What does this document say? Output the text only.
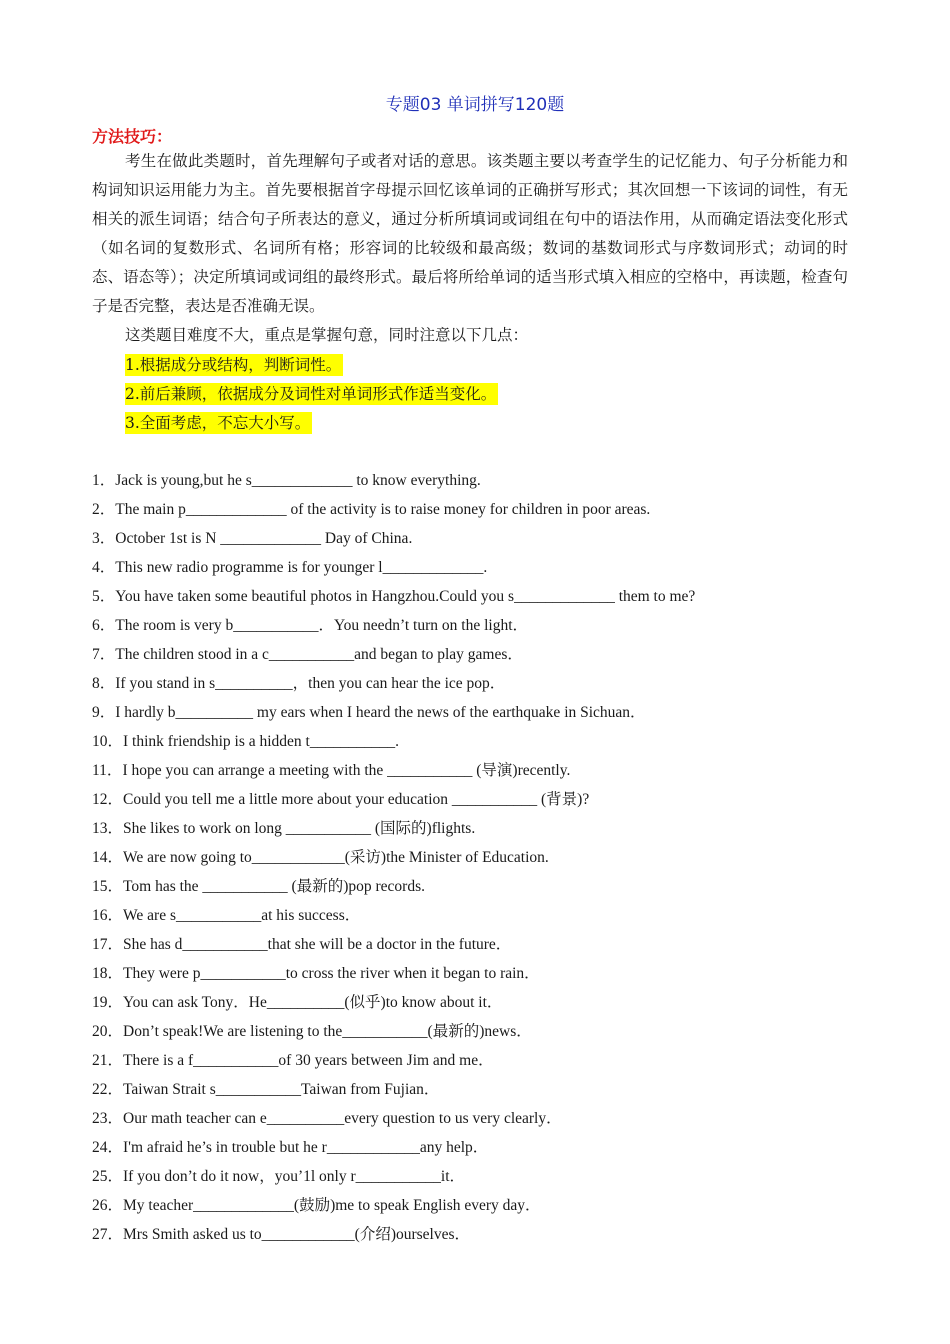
专题03 单词拼写120题
方法技巧：
考生在做此类题时，首先理解句子或者对话的意思。该类题主要以考查学生的记忆能力、句子分析能力和构词知识运用能力为主。首先要根据首字母提示回忆该单词的正确拼写形式；其次回想一下该词的词性，有无相关的派生词语；结合句子所表达的意义，通过分析所填词或词组在句中的语法作用，从而确定语法变化形式（如名词的复数形式、名词所有格；形容词的比较级和最高级；数词的基数词形式与序数词形式；动词的时态、语态等）；决定所填词或词组的最终形式。最后将所给单词的适当形式填入相应的空格中，再读题，检查句子是否完整，表达是否准确无误。
这类题目难度不大，重点是掌握句意，同时注意以下几点：
1.根据成分或结构，判断词性。
2.前后兼顾，依据成分及词性对单词形式作适当变化。
3.全面考虑，不忘大小写。
1．Jack is young,but he s_____________ to know everything.
2．The main p_____________ of the activity is to raise money for children in poor areas.
3．October 1st is N _____________ Day of China.
4．This new radio programme is for younger l_____________.
5．You have taken some beautiful photos in Hangzhou.Could you s_____________ them to me?
6．The room is very b___________．You needn’t turn on the light．
7．The children stood in a c___________and began to play games．
8．If you stand in s__________，then you can hear the ice pop．
9．I hardly b__________ my ears when I heard the news of the earthquake in Sichuan．
10．I think friendship is a hidden t___________.
11．I hope you can arrange a meeting with the ___________ (导演)recently.
12．Could you tell me a little more about your education ___________ (背景)?
13．She likes to work on long ___________ (国际的)flights.
14．We are now going to____________(采访)the Minister of Education.
15．Tom has the ___________ (最新的)pop records.
16．We are s___________at his success．
17．She has d___________that she will be a doctor in the future．
18．They were p___________to cross the river when it began to rain．
19．You can ask Tony．He__________(似乎)to know about it．
20．Don’t speak!We are listening to the___________(最新的)news．
21．There is a f___________of 30 years between Jim and me．
22．Taiwan Strait s___________Taiwan from Fujian．
23．Our math teacher can e__________every question to us very clearly．
24．I'm afraid he’s in trouble but he r____________any help．
25．If you don’t do it now，you’1l only r___________it．
26．My teacher_____________(鼓励)me to speak English every day．
27．Mrs Smith asked us to____________(介绍)ourselves．
